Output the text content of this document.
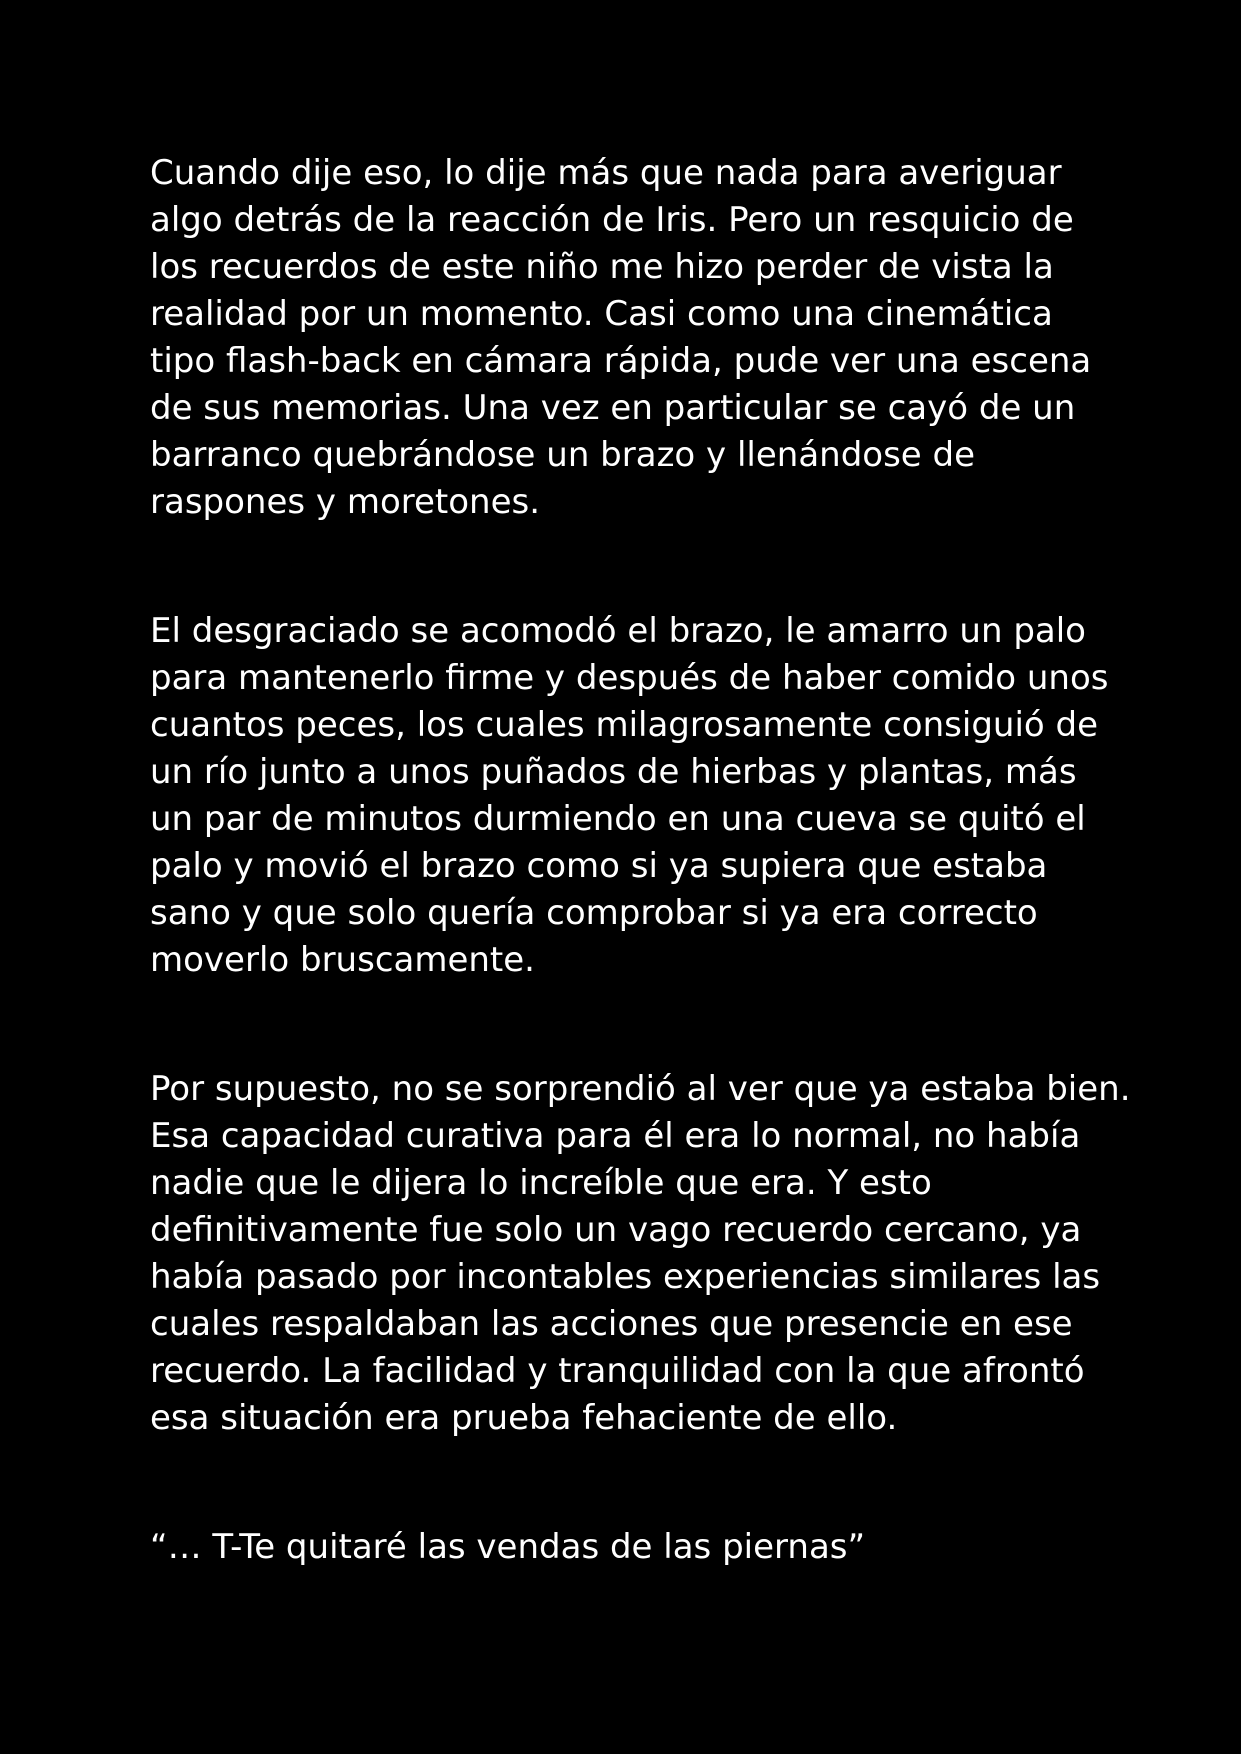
Cuando dije eso, lo dije más que nada para averiguar
algo detrás de la reacción de Iris. Pero un resquicio de
los recuerdos de este niño me hizo perder de vista la
realidad por un momento. Casi como una cinemática
tipo flash-back en cámara rápida, pude ver una escena
de sus memorias. Una vez en particular se cayó de un
barranco quebrándose un brazo y llenándose de
raspones y moretones.

El desgraciado se acomodó el brazo, le amarro un palo
para mantenerlo firme y después de haber comido unos
cuantos peces, los cuales milagrosamente consiguió de
un río junto a unos puñados de hierbas y plantas, más
un par de minutos durmiendo en una cueva se quitó el
palo y movió el brazo como si ya supiera que estaba
sano y que solo quería comprobar si ya era correcto
moverlo bruscamente.

Por supuesto, no se sorprendió al ver que ya estaba bien.
Esa capacidad curativa para él era lo normal, no había
nadie que le dijera lo increíble que era. Y esto
definitivamente fue solo un vago recuerdo cercano, ya
había pasado por incontables experiencias similares las
cuales respaldaban las acciones que presencie en ese
recuerdo. La facilidad y tranquilidad con la que afrontó
esa situación era prueba fehaciente de ello.

“… T-Te quitaré las vendas de las piernas”
